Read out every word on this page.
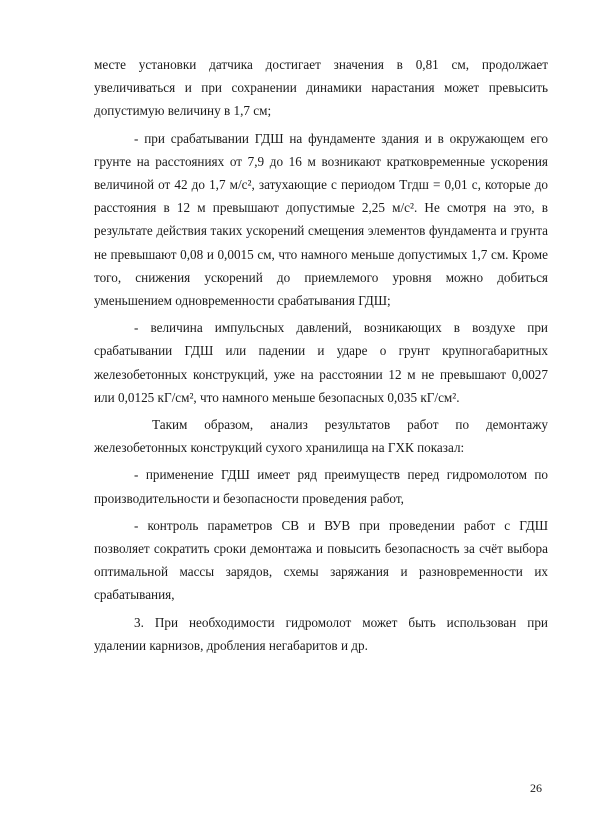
месте установки датчика достигает значения в 0,81 см, продолжает увеличиваться и при сохранении динамики нарастания может превысить допустимую величину в 1,7 см;

- при срабатывании ГДШ на фундаменте здания и в окружающем его грунте на расстояниях от 7,9 до 16 м возникают кратковременные ускорения величиной от 42 до 1,7 м/с², затухающие с периодом Tгдш = 0,01 с, которые до расстояния в 12 м превышают допустимые 2,25 м/с². Не смотря на это, в результате действия таких ускорений смещения элементов фундамента и грунта не превышают 0,08 и 0,0015 см, что намного меньше допустимых 1,7 см. Кроме того, снижения ускорений до приемлемого уровня можно добиться уменьшением одновременности срабатывания ГДШ;

- величина импульсных давлений, возникающих в воздухе при срабатывании ГДШ или падении и ударе о грунт крупногабаритных железобетонных конструкций, уже на расстоянии 12 м не превышают 0,0027 или 0,0125 кГ/см², что намного меньше безопасных 0,035 кГ/см².

Таким образом, анализ результатов работ по демонтажу железобетонных конструкций сухого хранилища на ГХК показал:

- применение ГДШ имеет ряд преимуществ перед гидромолотом по производительности и безопасности проведения работ,

- контроль параметров СВ и ВУВ при проведении работ с ГДШ позволяет сократить сроки демонтажа и повысить безопасность за счёт выбора оптимальной массы зарядов, схемы заряжания и разновременности их срабатывания,

3. При необходимости гидромолот может быть использован при удалении карнизов, дробления негабаритов и др.

26
